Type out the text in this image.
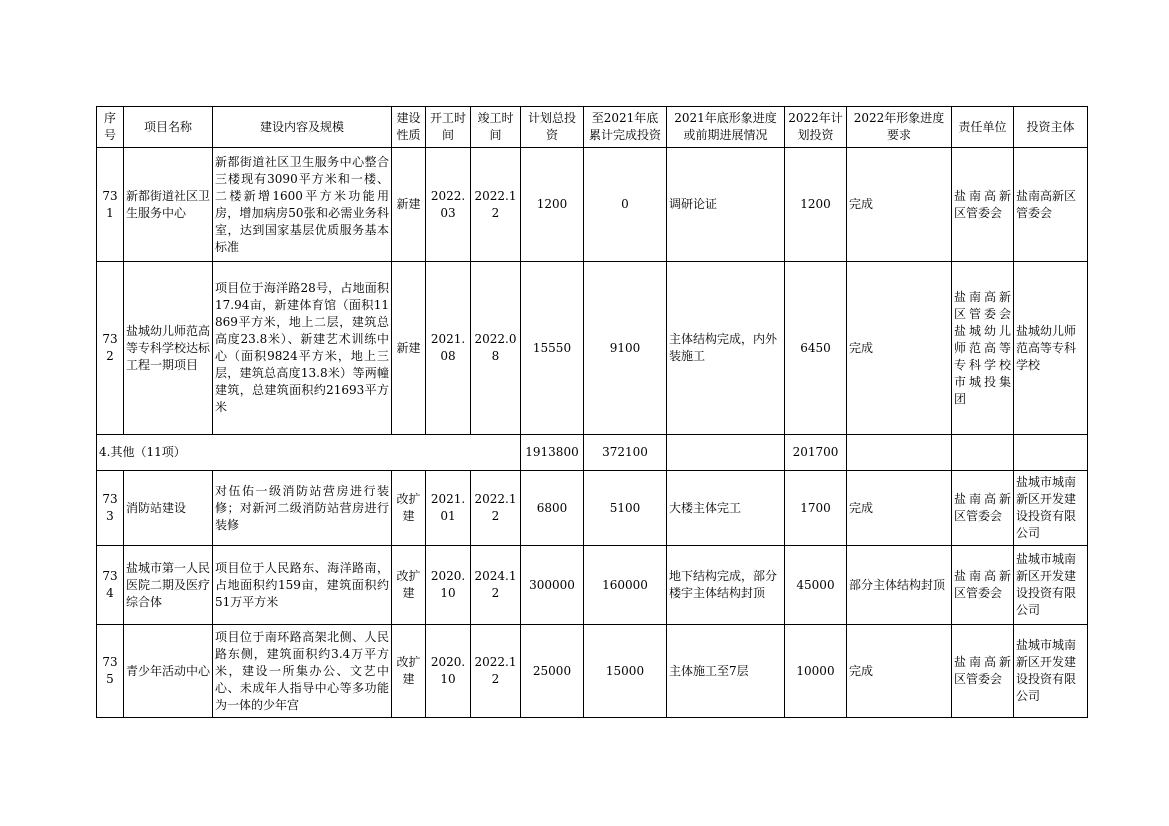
序号	项目名称	建设内容及规模	建设性质	开工时间	竣工时间	计划总投资	至2021年底累计完成投资	2021年底形象进度或前期进展情况	2022年计划投资	2022年形象进度要求	责任单位	投资主体
731	新都街道社区卫生服务中心	新都街道社区卫生服务中心整合三楼现有3090平方米和一楼、二楼新增1600平方米功能用房，增加病房50张和必需业务科室，达到国家基层优质服务基本标准	新建	2022.03	2022.12	1200	0	调研论证	1200	完成	盐南高新区管委会	盐南高新区管委会
732	盐城幼儿师范高等专科学校达标工程一期项目	项目位于海洋路28号，占地面积17.94亩，新建体育馆（面积11869平方米，地上二层，建筑总高度23.8米）、新建艺术训练中心（面积9824平方米，地上三层，建筑总高度13.8米）等两幢建筑，总建筑面积约21693平方米	新建	2021.08	2022.08	15550	9100	主体结构完成，内外装施工	6450	完成	盐南高新区管委会盐城幼儿师范高等专科学校市城投集团	盐城幼儿师范高等专科学校
4.其他（11项）						1913800	372100		201700			
733	消防站建设	对伍佑一级消防站营房进行装修；对新河二级消防站营房进行装修	改扩建	2021.01	2022.12	6800	5100	大楼主体完工	1700	完成	盐南高新区管委会	盐城市城南新区开发建设投资有限公司
734	盐城市第一人民医院二期及医疗综合体	项目位于人民路东、海洋路南，占地面积约159亩，建筑面积约51万平方米	改扩建	2020.10	2024.12	300000	160000	地下结构完成，部分楼宇主体结构封顶	45000	部分主体结构封顶	盐南高新区管委会	盐城市城南新区开发建设投资有限公司
735	青少年活动中心	项目位于南环路高架北侧、人民路东侧，建筑面积约3.4万平方米，建设一所集办公、文艺中心、未成年人指导中心等多功能为一体的少年宫	改扩建	2020.10	2022.12	25000	15000	主体施工至7层	10000	完成	盐南高新区管委会	盐城市城南新区开发建设投资有限公司
